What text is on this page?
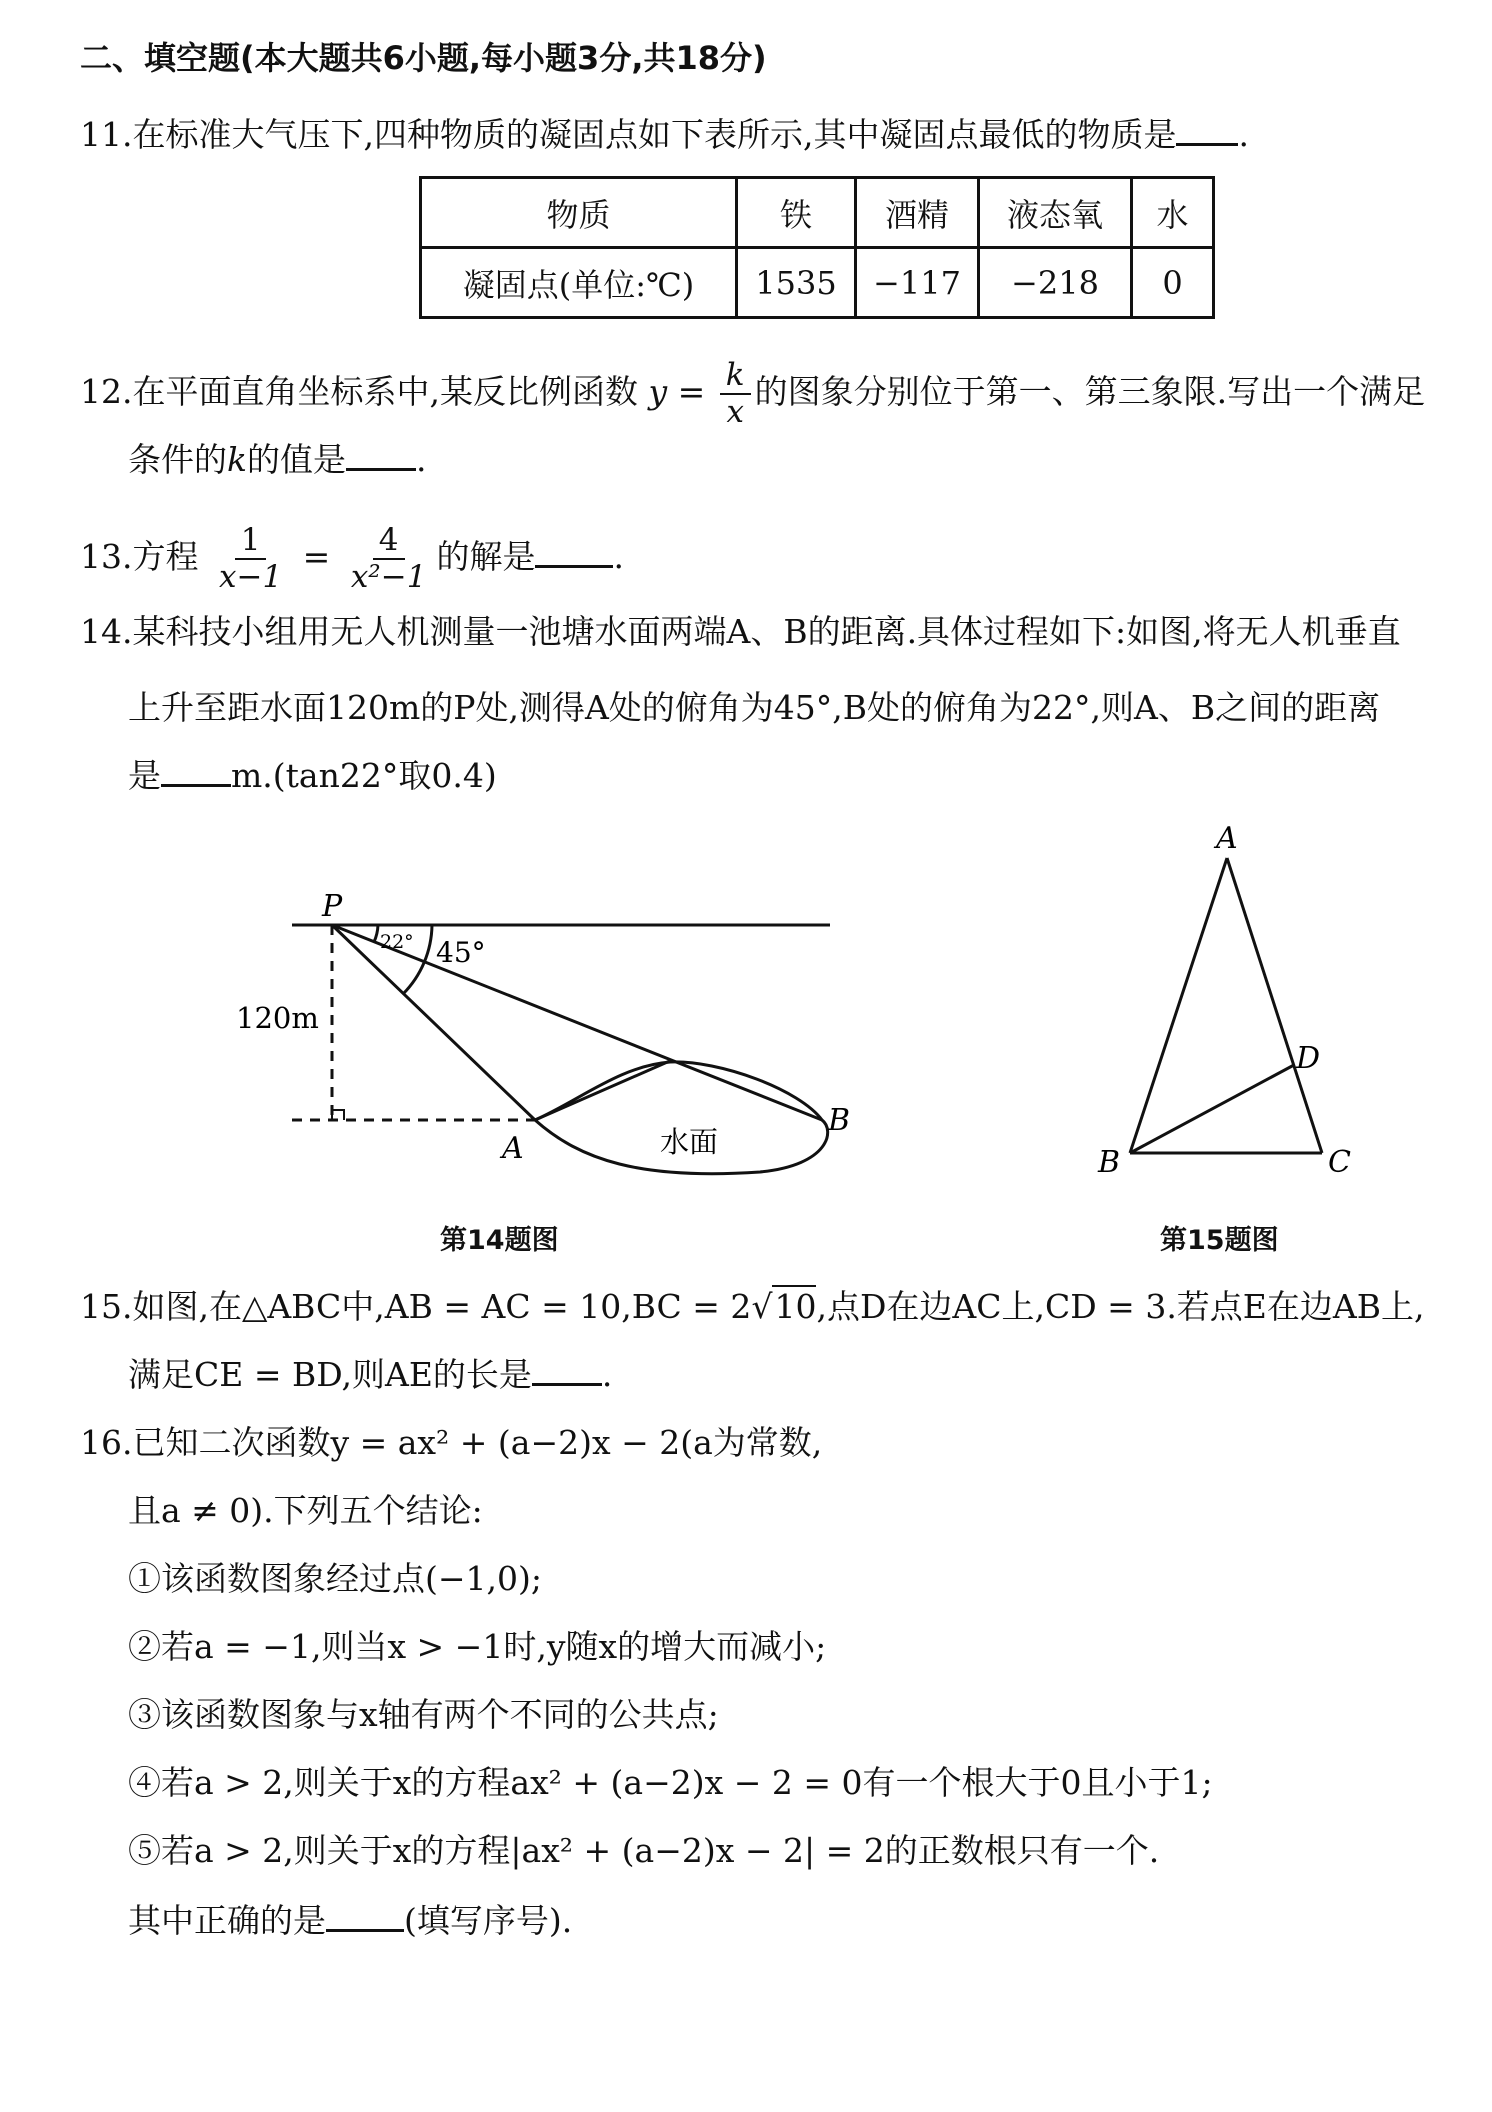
二、填空题(本大题共6小题,每小题3分,共18分)
11.在标准大气压下,四种物质的凝固点如下表所示,其中凝固点最低的物质是 .
物质	铁	酒精	液态氧	水
凝固点(单位:℃)	1535	−117	−218	0
12.在平面直角坐标系中,某反比例函数 $y = \frac{k}{x}$ 的图象分别位于第一、第三象限.写出一个满足
条件的k的值是 .
13.方程 $\frac{1}{x-1} = \frac{4}{\text{x²−1}}$ 的解是 .
14.某科技小组用无人机测量一池塘水面两端A、B的距离.具体过程如下:如图,将无人机垂直
上升至距水面120m的P处,测得A处的俯角为45°,B处的俯角为22°,则A、B之间的距离
是 m.(tan22°取0.4)
P
22° 45°
120m
A
B
水面
A
B	C
D
第14题图	第15题图
15.如图,在△ABC中,AB = AC = 10,BC = 2√10,点D在边AC上,CD = 3.若点E在边AB上,
满足CE = BD,则AE的长是 .
16.已知二次函数y = ax² + (a−2)x − 2(a为常数,
且a ≠ 0).下列五个结论:
①该函数图象经过点(−1,0);
②若a = −1,则当x > −1时,y随x的增大而减小;
③该函数图象与x轴有两个不同的公共点;
④若a > 2,则关于x的方程ax² + (a−2)x − 2 = 0有一个根大于0且小于1;
⑤若a > 2,则关于x的方程|ax² + (a−2)x − 2| = 2的正数根只有一个.
其中正确的是 (填写序号).
